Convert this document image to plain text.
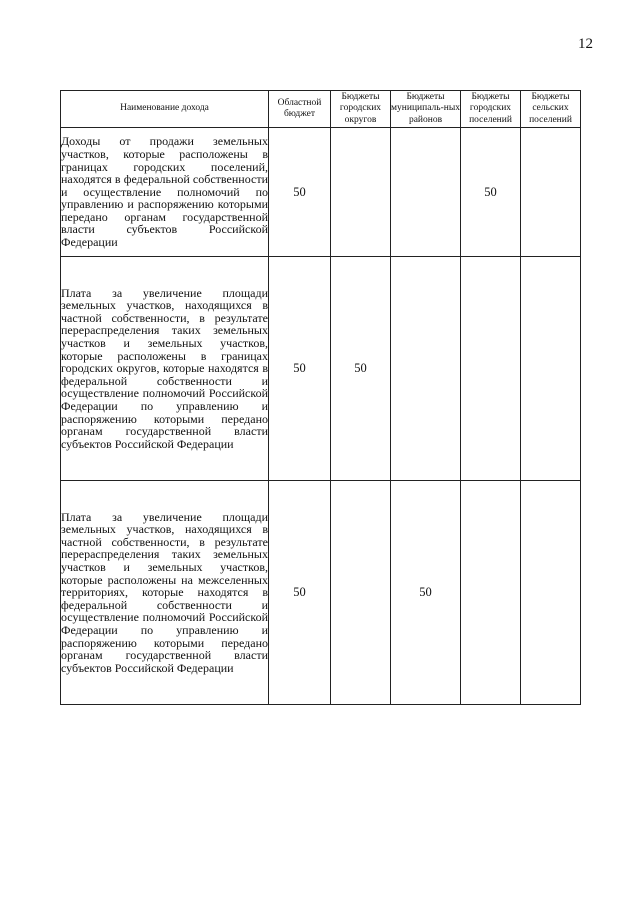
12
Наименование дохода	Областной бюджет	Бюджеты городских округов	Бюджеты муниципаль-ных районов	Бюджеты городских поселений	Бюджеты сельских поселений
Доходы от продажи земельных участков, которые расположены в границах городских поселений, находятся в федеральной собственности и осуществление полномочий по управлению и распоряжению которыми передано органам государственной власти субъектов Российской Федерации	50			50	
Плата за увеличение площади земельных участков, находящихся в частной собственности, в результате перераспределения таких земельных участков и земельных участков, которые расположены в границах городских округов, которые находятся в федеральной собственности и осуществление полномочий Российской Федерации по управлению и распоряжению которыми передано органам государственной власти субъектов Российской Федерации	50	50			
Плата за увеличение площади земельных участков, находящихся в частной собственности, в результате перераспределения таких земельных участков и земельных участков, которые расположены на межселенных территориях, которые находятся в федеральной собственности и осуществление полномочий Российской Федерации по управлению и распоряжению которыми передано органам государственной власти субъектов Российской Федерации	50		50		
